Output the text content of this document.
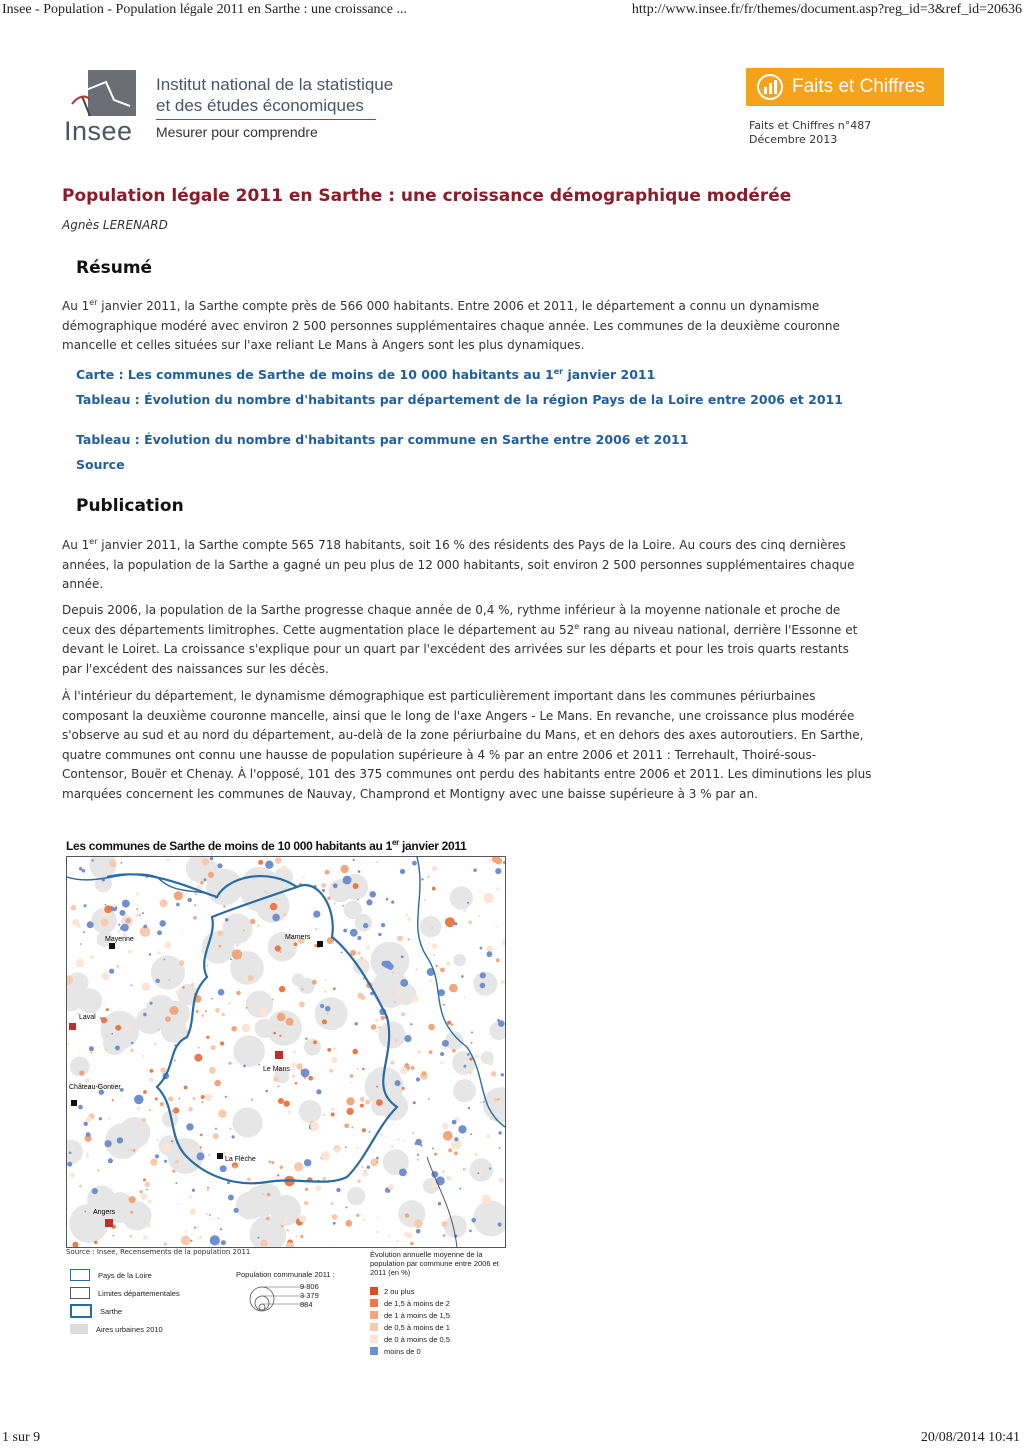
Insee - Population - Population légale 2011 en Sarthe : une croissance ...	http://www.insee.fr/fr/themes/document.asp?reg_id=3&ref_id=20636
Insee
Institut national de la statistique
et des études économiques
Mesurer pour comprendre
Faits et Chiffres
Faits et Chiffres n°487
Décembre 2013
Population légale 2011 en Sarthe : une croissance démographique modérée
Agnès LERENARD
Résumé
Au 1er janvier 2011, la Sarthe compte près de 566 000 habitants. Entre 2006 et 2011, le département a connu un dynamisme démographique modéré avec environ 2 500 personnes supplémentaires chaque année. Les communes de la deuxième couronne mancelle et celles situées sur l'axe reliant Le Mans à Angers sont les plus dynamiques.
Carte : Les communes de Sarthe de moins de 10 000 habitants au 1er janvier 2011
Tableau : Évolution du nombre d'habitants par département de la région Pays de la Loire entre 2006 et 2011
Tableau : Évolution du nombre d'habitants par commune en Sarthe entre 2006 et 2011
Source
Publication
Au 1er janvier 2011, la Sarthe compte 565 718 habitants, soit 16 % des résidents des Pays de la Loire. Au cours des cinq dernières années, la population de la Sarthe a gagné un peu plus de 12 000 habitants, soit environ 2 500 personnes supplémentaires chaque année.
Depuis 2006, la population de la Sarthe progresse chaque année de 0,4 %, rythme inférieur à la moyenne nationale et proche de ceux des départements limitrophes. Cette augmentation place le département au 52e rang au niveau national, derrière l'Essonne et devant le Loiret. La croissance s'explique pour un quart par l'excédent des arrivées sur les départs et pour les trois quarts restants par l'excédent des naissances sur les décès.
À l'intérieur du département, le dynamisme démographique est particulièrement important dans les communes périurbaines composant la deuxième couronne mancelle, ainsi que le long de l'axe Angers - Le Mans. En revanche, une croissance plus modérée s'observe au sud et au nord du département, au-delà de la zone périurbaine du Mans, et en dehors des axes autoroutiers. En Sarthe, quatre communes ont connu une hausse de population supérieure à 4 % par an entre 2006 et 2011 : Terrehault, Thoiré-sous-Contensor, Bouër et Chenay. À l'opposé, 101 des 375 communes ont perdu des habitants entre 2006 et 2011. Les diminutions les plus marquées concernent les communes de Nauvay, Champrond et Montigny avec une baisse supérieure à 3 % par an.
Les communes de Sarthe de moins de 10 000 habitants au 1er janvier 2011
Mayenne
Laval
Château-Gontier
Angers
Le Mans
La Flèche
Mamers
Source : Insee, Recensements de la population 2011
Pays de la Loire
Limites départementales
Sarthe
Aires urbaines 2010
Population communale 2011 :
9 806
3 379
884
Évolution annuelle moyenne de la population par commune entre 2006 et 2011 (en %)
2 ou plus
de 1,5 à moins de 2
de 1 à moins de 1,5
de 0,5 à moins de 1
de 0 à moins de 0,5
moins de 0
1 sur 9	20/08/2014 10:41
